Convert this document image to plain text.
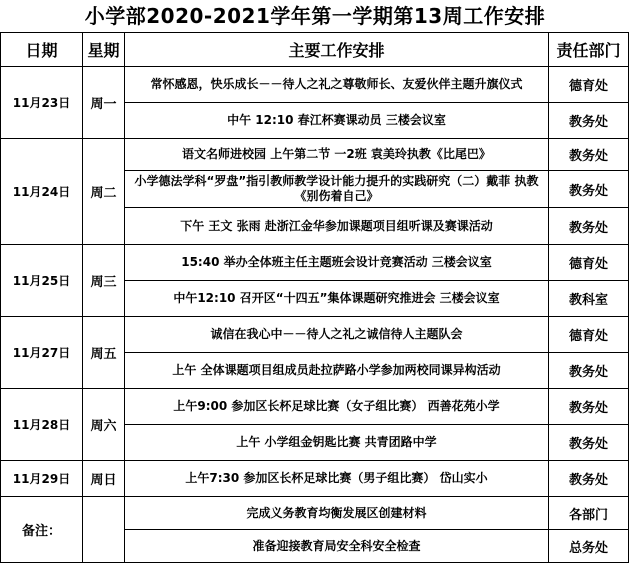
小学部2020-2021学年第一学期第13周工作安排
日期	星期	主要工作安排	责任部门
11月23日	周一	常怀感恩，快乐成长－－待人之礼之尊敬师长、友爱伙伴主题升旗仪式	德育处
		中午 12:10 春江杯赛课动员 三楼会议室	教务处
11月24日	周二	语文名师进校园 上午第二节 一2班 袁美玲执教《比尾巴》	教务处
		小学德法学科“罗盘”指引教师教学设计能力提升的实践研究（二）戴菲 执教《别伤着自己》	教务处
		下午 王文 张雨 赴浙江金华参加课题项目组听课及赛课活动	教务处
11月25日	周三	15:40 举办全体班主任主题班会设计竞赛活动 三楼会议室	德育处
		中午12:10 召开区“十四五”集体课题研究推进会 三楼会议室	教科室
11月27日	周五	诚信在我心中－－待人之礼之诚信待人主题队会	德育处
		上午 全体课题项目组成员赴拉萨路小学参加两校同课异构活动	教务处
11月28日	周六	上午9:00 参加区长杯足球比赛（女子组比赛） 西善花苑小学	教务处
		上午 小学组金钥匙比赛 共青团路中学	教务处
11月29日	周日	上午7:30 参加区长杯足球比赛（男子组比赛） 岱山实小	教务处
备注：		完成义务教育均衡发展区创建材料	各部门
		准备迎接教育局安全科安全检查	总务处
